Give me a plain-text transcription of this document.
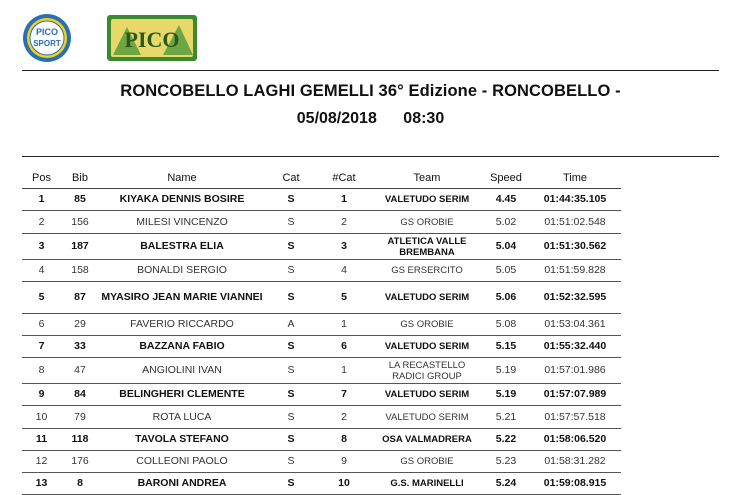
PICO
SPORT	PICO
RONCOBELLO LAGHI GEMELLI 36° Edizione - RONCOBELLO -
05/08/2018 08:30
Pos	Bib	Name	Cat	#Cat	Team	Speed	Time
1	85	KIYAKA DENNIS BOSIRE	S	1	VALETUDO SERIM	4.45	01:44:35.105
2	156	MILESI VINCENZO	S	2	GS OROBIE	5.02	01:51:02.548
3	187	BALESTRA ELIA	S	3	ATLETICA VALLE BREMBANA	5.04	01:51:30.562
4	158	BONALDI SERGIO	S	4	GS ERSERCITO	5.05	01:51:59.828
5	87	MYASIRO JEAN MARIE VIANNEI	S	5	VALETUDO SERIM	5.06	01:52:32.595
6	29	FAVERIO RICCARDO	A	1	GS OROBIE	5.08	01:53:04.361
7	33	BAZZANA FABIO	S	6	VALETUDO SERIM	5.15	01:55:32.440
8	47	ANGIOLINI IVAN	S	1	LA RECASTELLO RADICI GROUP	5.19	01:57:01.986
9	84	BELINGHERI CLEMENTE	S	7	VALETUDO SERIM	5.19	01:57:07.989
10	79	ROTA LUCA	S	2	VALETUDO SERIM	5.21	01:57:57.518
11	118	TAVOLA STEFANO	S	8	OSA VALMADRERA	5.22	01:58:06.520
12	176	COLLEONI PAOLO	S	9	GS OROBIE	5.23	01:58:31.282
13	8	BARONI ANDREA	S	10	G.S. MARINELLI	5.24	01:59:08.915
